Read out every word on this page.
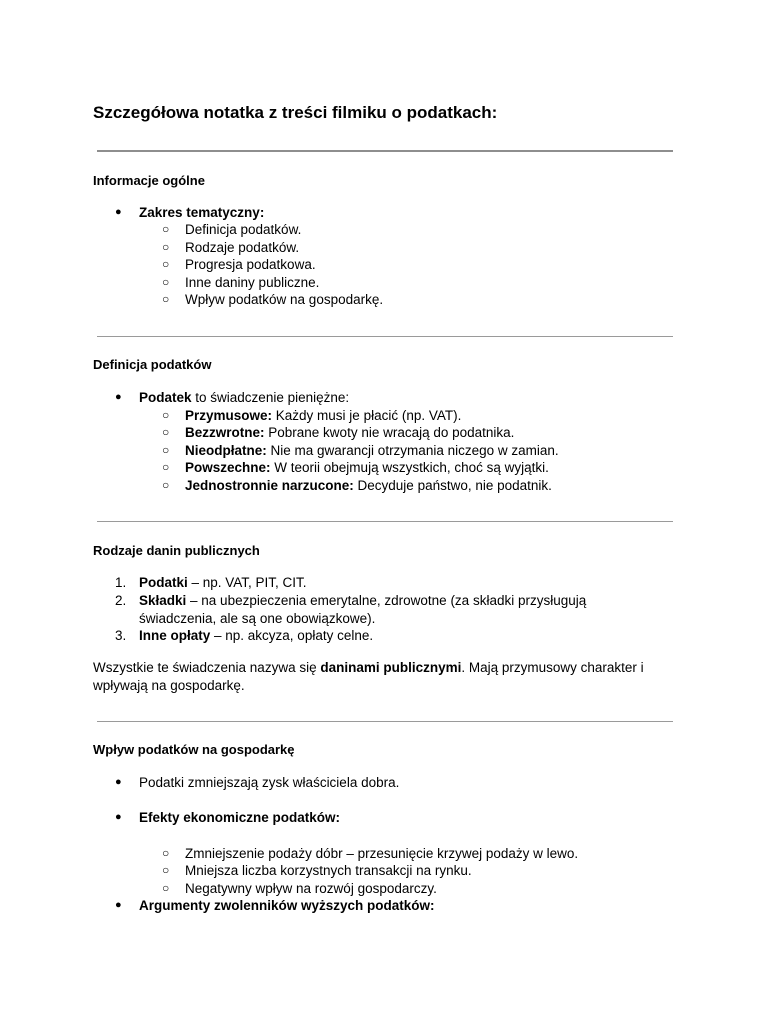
Szczegółowa notatka z treści filmiku o podatkach:
Informacje ogólne
● Zakres tematyczny:
○ Definicja podatków.
○ Rodzaje podatków.
○ Progresja podatkowa.
○ Inne daniny publiczne.
○ Wpływ podatków na gospodarkę.
Definicja podatków
● Podatek to świadczenie pieniężne:
○ Przymusowe: Każdy musi je płacić (np. VAT).
○ Bezzwrotne: Pobrane kwoty nie wracają do podatnika.
○ Nieodpłatne: Nie ma gwarancji otrzymania niczego w zamian.
○ Powszechne: W teorii obejmują wszystkich, choć są wyjątki.
○ Jednostronnie narzucone: Decyduje państwo, nie podatnik.
Rodzaje danin publicznych
1. Podatki – np. VAT, PIT, CIT.
2. Składki – na ubezpieczenia emerytalne, zdrowotne (za składki przysługują świadczenia, ale są one obowiązkowe).
3. Inne opłaty – np. akcyza, opłaty celne.

Wszystkie te świadczenia nazywa się daninami publicznymi. Mają przymusowy charakter i wpływają na gospodarkę.

Wpływ podatków na gospodarkę
● Podatki zmniejszają zysk właściciela dobra.
● Efekty ekonomiczne podatków:
○ Zmniejszenie podaży dóbr – przesunięcie krzywej podaży w lewo.
○ Mniejsza liczba korzystnych transakcji na rynku.
○ Negatywny wpływ na rozwój gospodarczy.
● Argumenty zwolenników wyższych podatków:
